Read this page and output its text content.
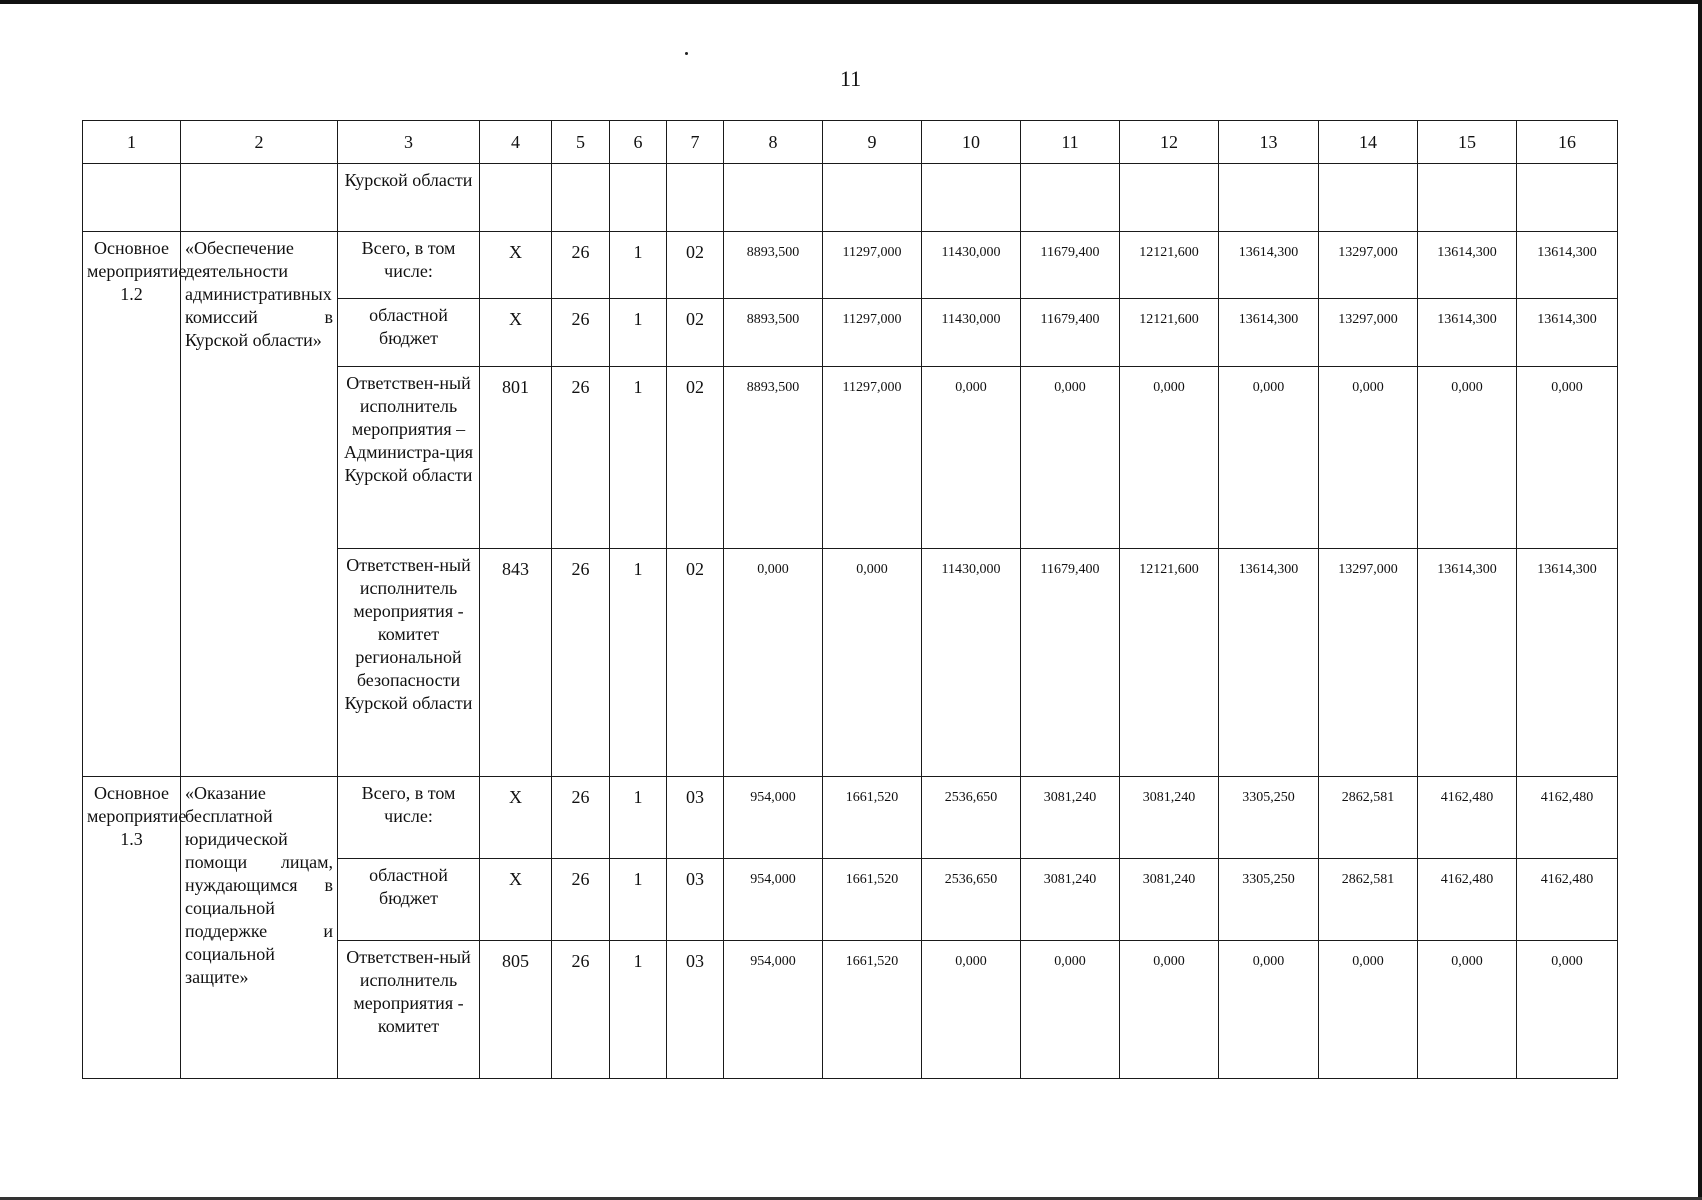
11
1	2	3	4	5	6	7	8	9	10	11	12	13	14	15	16
		Курской области													
Основное мероприятие 1.2	«Обеспечение деятельности административных комиссий в Курской области»	Всего, в том числе:	X	26	1	02	8893,500	11297,000	11430,000	11679,400	12121,600	13614,300	13297,000	13614,300	13614,300
		областной бюджет	X	26	1	02	8893,500	11297,000	11430,000	11679,400	12121,600	13614,300	13297,000	13614,300	13614,300
		Ответствен-ный исполнитель мероприятия – Администра-ция Курской области	801	26	1	02	8893,500	11297,000	0,000	0,000	0,000	0,000	0,000	0,000	0,000
		Ответствен-ный исполнитель мероприятия - комитет региональной безопасности Курской области	843	26	1	02	0,000	0,000	11430,000	11679,400	12121,600	13614,300	13297,000	13614,300	13614,300
Основное мероприятие 1.3	«Оказание бесплатной юридической помощи лицам, нуждающимся в социальной поддержке и социальной защите»	Всего, в том числе:	X	26	1	03	954,000	1661,520	2536,650	3081,240	3081,240	3305,250	2862,581	4162,480	4162,480
		областной бюджет	X	26	1	03	954,000	1661,520	2536,650	3081,240	3081,240	3305,250	2862,581	4162,480	4162,480
		Ответствен-ный исполнитель мероприятия - комитет	805	26	1	03	954,000	1661,520	0,000	0,000	0,000	0,000	0,000	0,000	0,000
